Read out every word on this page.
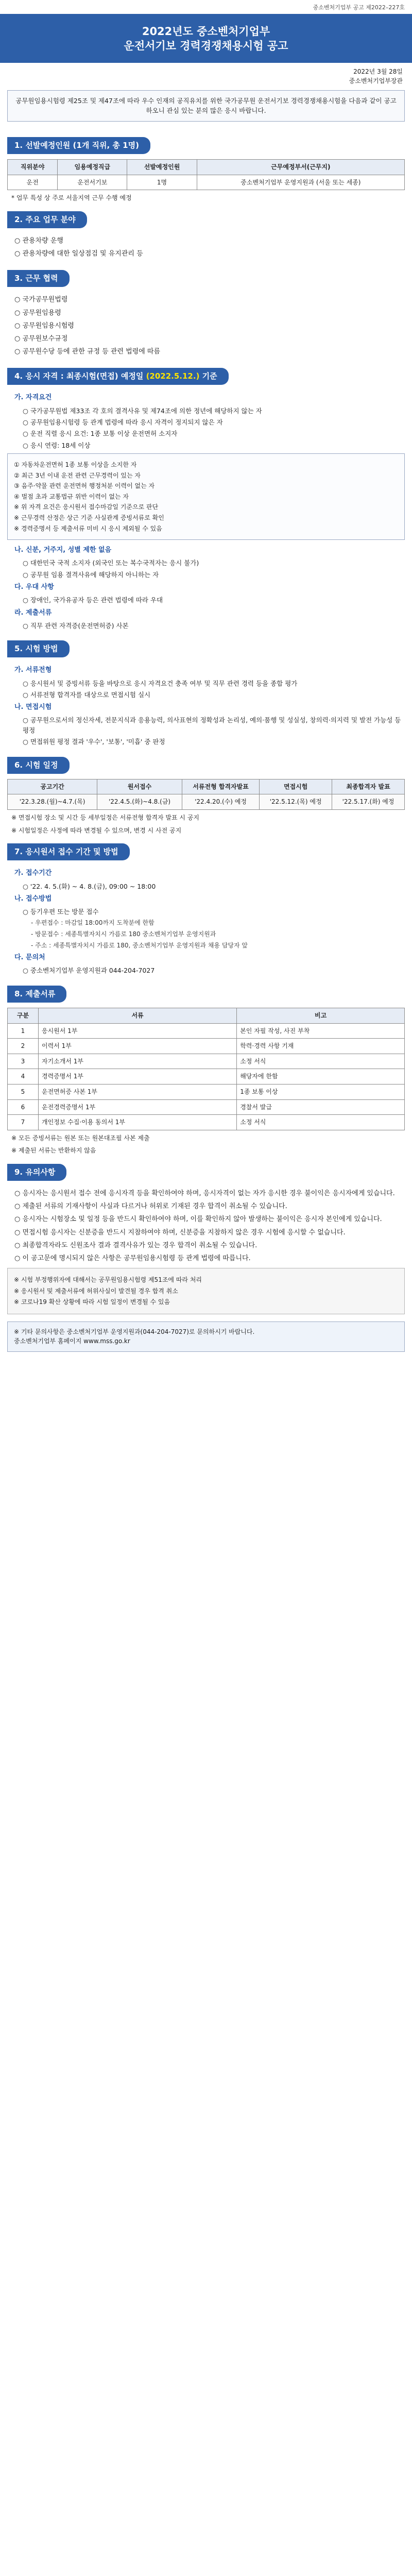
중소벤처기업부 공고 제2022–227호
2022년도 중소벤처기업부
운전서기보 경력경쟁채용시험 공고
2022년 3월 28일
중소벤처기업부장관
공무원임용시험령 제25조 및 제47조에 따라 우수 인재의 공직유치를 위한 국가공무원 운전서기보 경력경쟁채용시험을 다음과 같이 공고하오니 관심 있는 분의 많은 응시 바랍니다.
1. 선발예정인원 (1개 직위, 총 1명)
직위분야	임용예정직급	선발예정인원	근무예정부서(근무지)
운전	운전서기보	1명	중소벤처기업부 운영지원과 (서울 또는 세종)
* 업무 특성 상 주로 서울지역 근무 수행 예정
2. 주요 업무 분야
○ 관용차량 운행
○ 관용차량에 대한 일상점검 및 유지관리 등
3. 근무 협력
○ 국가공무원법령
○ 공무원임용령
○ 공무원임용시험령
○ 공무원보수규정
○ 공무원수당 등에 관한 규정 등 관련 법령에 따름
4. 응시 자격 : 최종시험(면접) 예정일 (2022.5.12.) 기준
가. 자격요건
○ 국가공무원법 제33조 각 호의 결격사유 및 제74조에 의한 정년에 해당하지 않는 자
○ 공무원임용시험령 등 관계 법령에 따라 응시 자격이 정지되지 않은 자
○ 운전 직렬 응시 요건: 1종 보통 이상 운전면허 소지자
○ 응시 연령: 18세 이상
① 자동차운전면허 1종 보통 이상을 소지한 자
② 최근 3년 이내 운전 관련 근무경력이 있는 자
③ 음주·약물 관련 운전면허 행정처분 이력이 없는 자
④ 벌점 초과 교통법규 위반 이력이 없는 자
※ 위 자격 요건은 응시원서 접수마감일 기준으로 판단
※ 근무경력 산정은 상근 기준 사실관계 증빙서류로 확인
※ 경력증명서 등 제출서류 미비 시 응시 제외될 수 있음
나. 신분, 거주지, 성별 제한 없음
○ 대한민국 국적 소지자 (외국인 또는 복수국적자는 응시 불가)
○ 공무원 임용 결격사유에 해당하지 아니하는 자
다. 우대 사항
○ 장애인, 국가유공자 등은 관련 법령에 따라 우대
라. 제출서류
○ 직무 관련 자격증(운전면허증) 사본
5. 시험 방법
가. 서류전형
○ 응시원서 및 증빙서류 등을 바탕으로 응시 자격요건 충족 여부 및 직무 관련 경력 등을 종합 평가
○ 서류전형 합격자를 대상으로 면접시험 실시
나. 면접시험
○ 공무원으로서의 정신자세, 전문지식과 응용능력, 의사표현의 정확성과 논리성, 예의·품행 및 성실성, 창의력·의지력 및 발전 가능성 등 평정
○ 면접위원 평정 결과 '우수', '보통', '미흡' 중 판정
6. 시험 일정
공고기간	원서접수	서류전형 합격자발표	면접시험	최종합격자 발표
'22.3.28.(월)~4.7.(목)	'22.4.5.(화)~4.8.(금)	'22.4.20.(수) 예정	'22.5.12.(목) 예정	'22.5.17.(화) 예정
※ 면접시험 장소 및 시간 등 세부일정은 서류전형 합격자 발표 시 공지
※ 시험일정은 사정에 따라 변경될 수 있으며, 변경 시 사전 공지
7. 응시원서 접수 기간 및 방법
가. 접수기간
○ '22. 4. 5.(화) ~ 4. 8.(금), 09:00 ~ 18:00
나. 접수방법
○ 등기우편 또는 방문 접수
- 우편접수 : 마감일 18:00까지 도착분에 한함
- 방문접수 : 세종특별자치시 가름로 180 중소벤처기업부 운영지원과
- 주소 : 세종특별자치시 가름로 180, 중소벤처기업부 운영지원과 채용 담당자 앞
다. 문의처
○ 중소벤처기업부 운영지원과 044-204-7027
8. 제출서류
구분	서류	비고
1	응시원서 1부	본인 자필 작성, 사진 부착
2	이력서 1부	학력·경력 사항 기재
3	자기소개서 1부	소정 서식
4	경력증명서 1부	해당자에 한함
5	운전면허증 사본 1부	1종 보통 이상
6	운전경력증명서 1부	경찰서 발급
7	개인정보 수집·이용 동의서 1부	소정 서식
※ 모든 증빙서류는 원본 또는 원본대조필 사본 제출
※ 제출된 서류는 반환하지 않음
9. 유의사항
○ 응시자는 응시원서 접수 전에 응시자격 등을 확인하여야 하며, 응시자격이 없는 자가 응시한 경우 불이익은 응시자에게 있습니다.
○ 제출된 서류의 기재사항이 사실과 다르거나 허위로 기재된 경우 합격이 취소될 수 있습니다.
○ 응시자는 시험장소 및 일정 등을 반드시 확인하여야 하며, 이를 확인하지 않아 발생하는 불이익은 응시자 본인에게 있습니다.
○ 면접시험 응시자는 신분증을 반드시 지참하여야 하며, 신분증을 지참하지 않은 경우 시험에 응시할 수 없습니다.
○ 최종합격자라도 신원조사 결과 결격사유가 있는 경우 합격이 취소될 수 있습니다.
○ 이 공고문에 명시되지 않은 사항은 공무원임용시험령 등 관계 법령에 따릅니다.
※ 시험 부정행위자에 대해서는 공무원임용시험령 제51조에 따라 처리
※ 응시원서 및 제출서류에 허위사실이 발견될 경우 합격 취소
※ 코로나19 확산 상황에 따라 시험 일정이 변경될 수 있음
※ 기타 문의사항은 중소벤처기업부 운영지원과(044-204-7027)로 문의하시기 바랍니다.
중소벤처기업부 홈페이지 www.mss.go.kr
